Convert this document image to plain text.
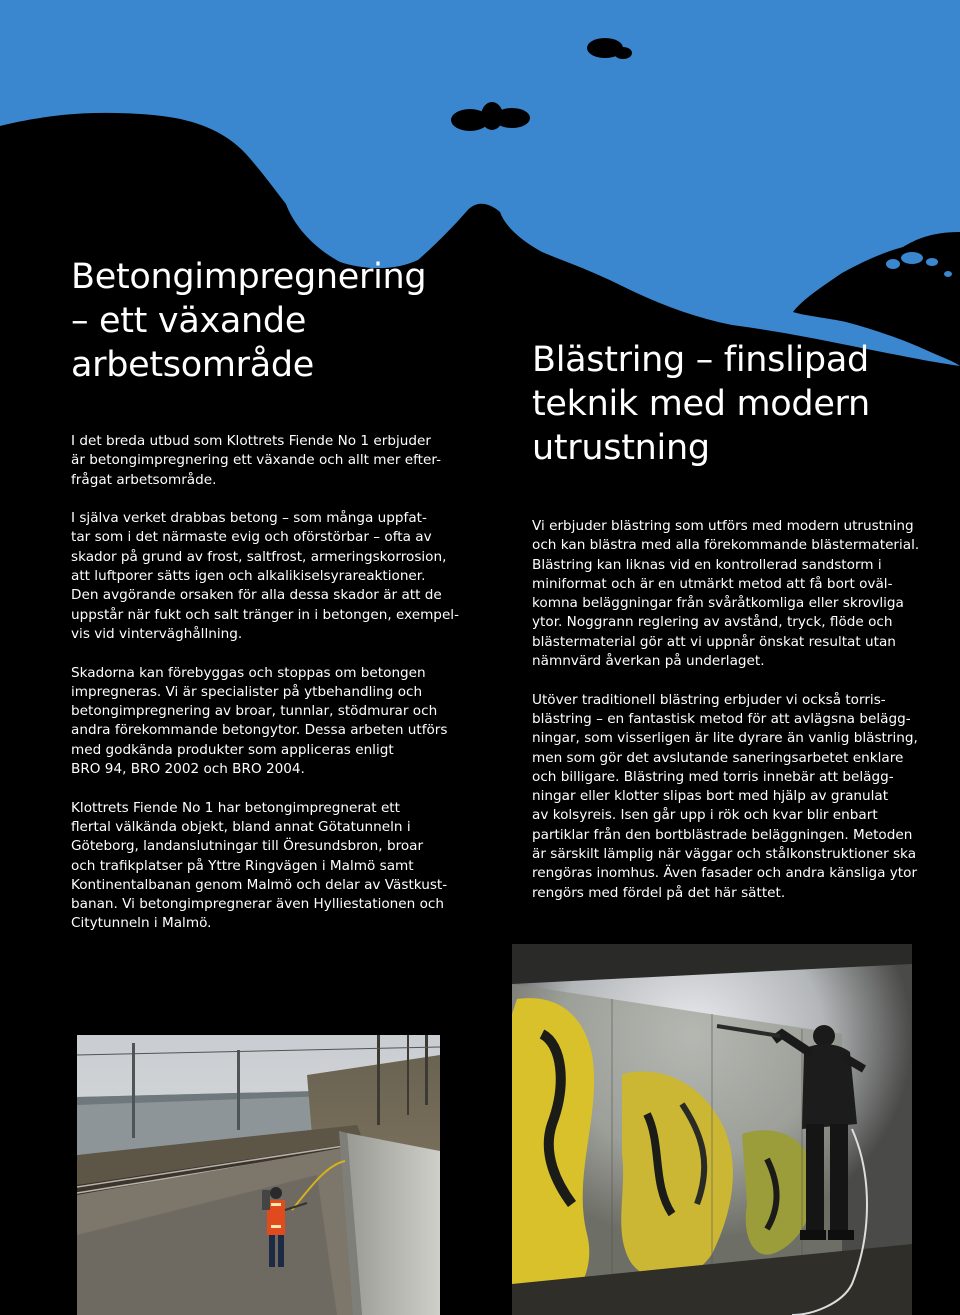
Betongimpregnering
– ett växande
arbetsområde

I det breda utbud som Klottrets Fiende No 1 erbjuder
är betongimpregnering ett växande och allt mer efter-
frågat arbetsområde.

I själva verket drabbas betong – som många uppfat-
tar som i det närmaste evig och oförstörbar – ofta av
skador på grund av frost, saltfrost, armeringskorrosion,
att luftporer sätts igen och alkalikiselsyrareaktioner.
Den avgörande orsaken för alla dessa skador är att de
uppstår när fukt och salt tränger in i betongen, exempel-
vis vid vinterväghållning.

Skadorna kan förebyggas och stoppas om betongen
impregneras. Vi är specialister på ytbehandling och
betongimpregnering av broar, tunnlar, stödmurar och
andra förekommande betongytor. Dessa arbeten utförs
med godkända produkter som appliceras enligt
BRO 94, BRO 2002 och BRO 2004.

Klottrets Fiende No 1 har betongimpregnerat ett
flertal välkända objekt, bland annat Götatunneln i
Göteborg, landanslutningar till Öresundsbron, broar
och trafikplatser på Yttre Ringvägen i Malmö samt
Kontinentalbanan genom Malmö och delar av Västkust-
banan. Vi betongimpregnerar även Hylliestationen och
Citytunneln i Malmö.

Blästring – finslipad
teknik med modern
utrustning

Vi erbjuder blästring som utförs med modern utrustning
och kan blästra med alla förekommande blästermaterial.
Blästring kan liknas vid en kontrollerad sandstorm i
miniformat och är en utmärkt metod att få bort oväl-
komna beläggningar från svåråtkomliga eller skrovliga
ytor. Noggrann reglering av avstånd, tryck, flöde och
blästermaterial gör att vi uppnår önskat resultat utan
nämnvärd åverkan på underlaget.

Utöver traditionell blästring erbjuder vi också torris-
blästring – en fantastisk metod för att avlägsna belägg-
ningar, som visserligen är lite dyrare än vanlig blästring,
men som gör det avslutande saneringsarbetet enklare
och billigare. Blästring med torris innebär att belägg-
ningar eller klotter slipas bort med hjälp av granulat
av kolsyreis. Isen går upp i rök och kvar blir enbart
partiklar från den bortblästrade beläggningen. Metoden
är särskilt lämplig när väggar och stålkonstruktioner ska
rengöras inomhus. Även fasader och andra känsliga ytor
rengörs med fördel på det här sättet.
